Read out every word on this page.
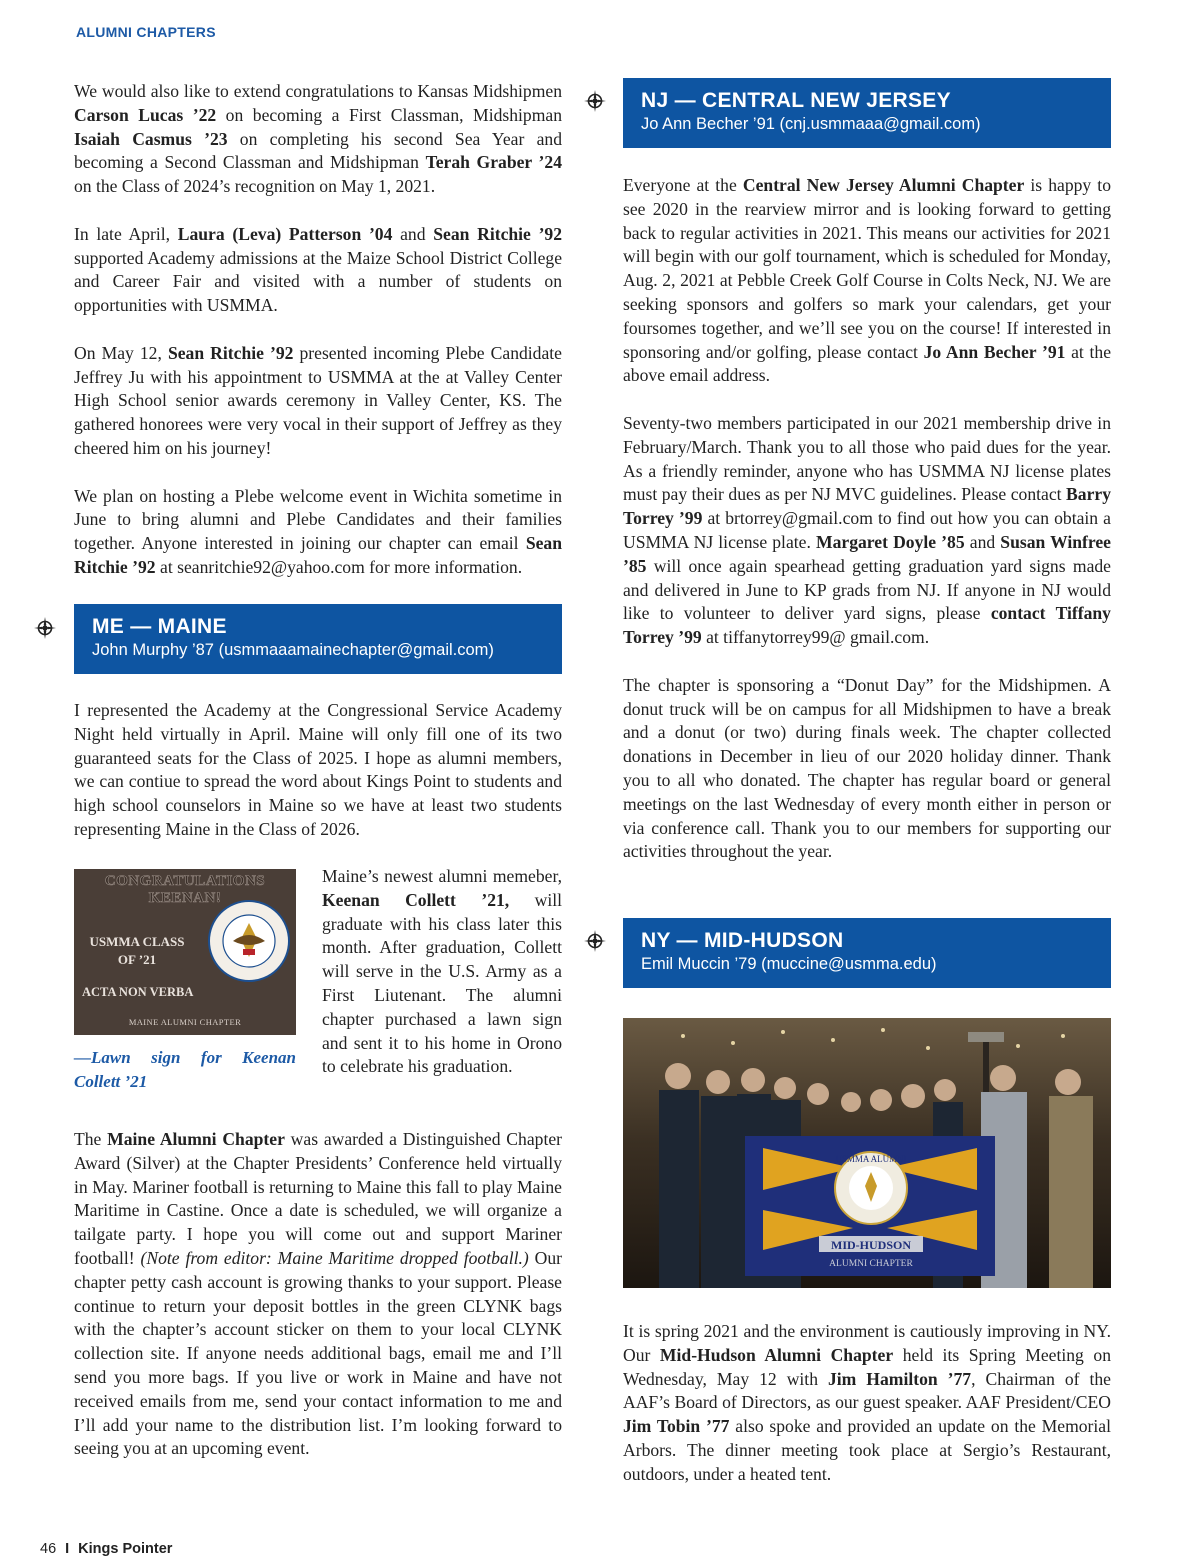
ALUMNI CHAPTERS

We would also like to extend congratulations to Kansas Midshipmen Carson Lucas ’22 on becoming a First Classman, Midshipman Isaiah Casmus ’23 on completing his second Sea Year and becoming a Second Classman and Midshipman Terah Graber ’24 on the Class of 2024’s recognition on May 1, 2021.

In late April, Laura (Leva) Patterson ’04 and Sean Ritchie ’92 supported Academy admissions at the Maize School District College and Career Fair and visited with a number of students on opportunities with USMMA.

On May 12, Sean Ritchie ’92 presented incoming Plebe Candidate Jeffrey Ju with his appointment to USMMA at the at Valley Center High School senior awards ceremony in Valley Center, KS. The gathered honorees were very vocal in their support of Jeffrey as they cheered him on his journey!

We plan on hosting a Plebe welcome event in Wichita sometime in June to bring alumni and Plebe Candidates and their families together. Anyone interested in joining our chapter can email Sean Ritchie ’92 at seanritchie92@yahoo.com for more information.

ME — MAINE
John Murphy ’87 (usmmaaamainechapter@gmail.com)

I represented the Academy at the Congressional Service Academy Night held virtually in April. Maine will only fill one of its two guaranteed seats for the Class of 2025. I hope as alumni members, we can contiue to spread the word about Kings Point to students and high school counselors in Maine so we have at least two students representing Maine in the Class of 2026.

CONGRATULATIONS
KEENAN!
USMMA CLASS
OF ’21
ACTA NON VERBA
MAINE ALUMNI CHAPTER
—Lawn sign for Keenan Collett ’21

Maine’s newest alumni memeber, Keenan Collett ’21, will graduate with his class later this month. After graduation, Collett will serve in the U.S. Army as a First Liutenant. The alumni chapter purchased a lawn sign and sent it to his home in Orono to celebrate his graduation.

The Maine Alumni Chapter was awarded a Distinguished Chapter Award (Silver) at the Chapter Presidents’ Conference held virtually in May. Mariner football is returning to Maine this fall to play Maine Maritime in Castine. Once a date is scheduled, we will organize a tailgate party. I hope you will come out and support Mariner football! (Note from editor: Maine Maritime dropped football.) Our chapter petty cash account is growing thanks to your support. Please continue to return your deposit bottles in the green CLYNK bags with the chapter’s account sticker on them to your local CLYNK collection site. If anyone needs additional bags, email me and I’ll send you more bags. If you live or work in Maine and have not received emails from me, send your contact information to me and I’ll add your name to the distribution list. I’m looking forward to seeing you at an upcoming event.

NJ — CENTRAL NEW JERSEY
Jo Ann Becher ’91 (cnj.usmmaaa@gmail.com)

Everyone at the Central New Jersey Alumni Chapter is happy to see 2020 in the rearview mirror and is looking forward to getting back to regular activities in 2021. This means our activities for 2021 will begin with our golf tournament, which is scheduled for Monday, Aug. 2, 2021 at Pebble Creek Golf Course in Colts Neck, NJ. We are seeking sponsors and golfers so mark your calendars, get your foursomes together, and we’ll see you on the course! If interested in sponsoring and/or golfing, please contact Jo Ann Becher ’91 at the above email address.

Seventy-two members participated in our 2021 membership drive in February/March. Thank you to all those who paid dues for the year. As a friendly reminder, anyone who has USMMA NJ license plates must pay their dues as per NJ MVC guidelines. Please contact Barry Torrey ’99 at brtorrey@gmail.com to find out how you can obtain a USMMA NJ license plate. Margaret Doyle ’85 and Susan Winfree ’85 will once again spearhead getting graduation yard signs made and delivered in June to KP grads from NJ. If anyone in NJ would like to volunteer to deliver yard signs, please contact Tiffany Torrey ’99 at tiffanytorrey99@ gmail.com.

The chapter is sponsoring a “Donut Day” for the Midshipmen. A donut truck will be on campus for all Midshipmen to have a break and a donut (or two) during finals week. The chapter collected donations in December in lieu of our 2020 holiday dinner. Thank you to all who donated. The chapter has regular board or general meetings on the last Wednesday of every month either in person or via conference call. Thank you to our members for supporting our activities throughout the year.

NY — MID-HUDSON
Emil Muccin ’79 (muccine@usmma.edu)
USMMA ALUMNI
MID-HUDSON
ALUMNI CHAPTER

It is spring 2021 and the environment is cautiously improving in NY. Our Mid-Hudson Alumni Chapter held its Spring Meeting on Wednesday, May 12 with Jim Hamilton ’77, Chairman of the AAF’s Board of Directors, as our guest speaker. AAF President/CEO Jim Tobin ’77 also spoke and provided an update on the Memorial Arbors. The dinner meeting took place at Sergio’s Restaurant, outdoors, under a heated tent.

46 I Kings Pointer
